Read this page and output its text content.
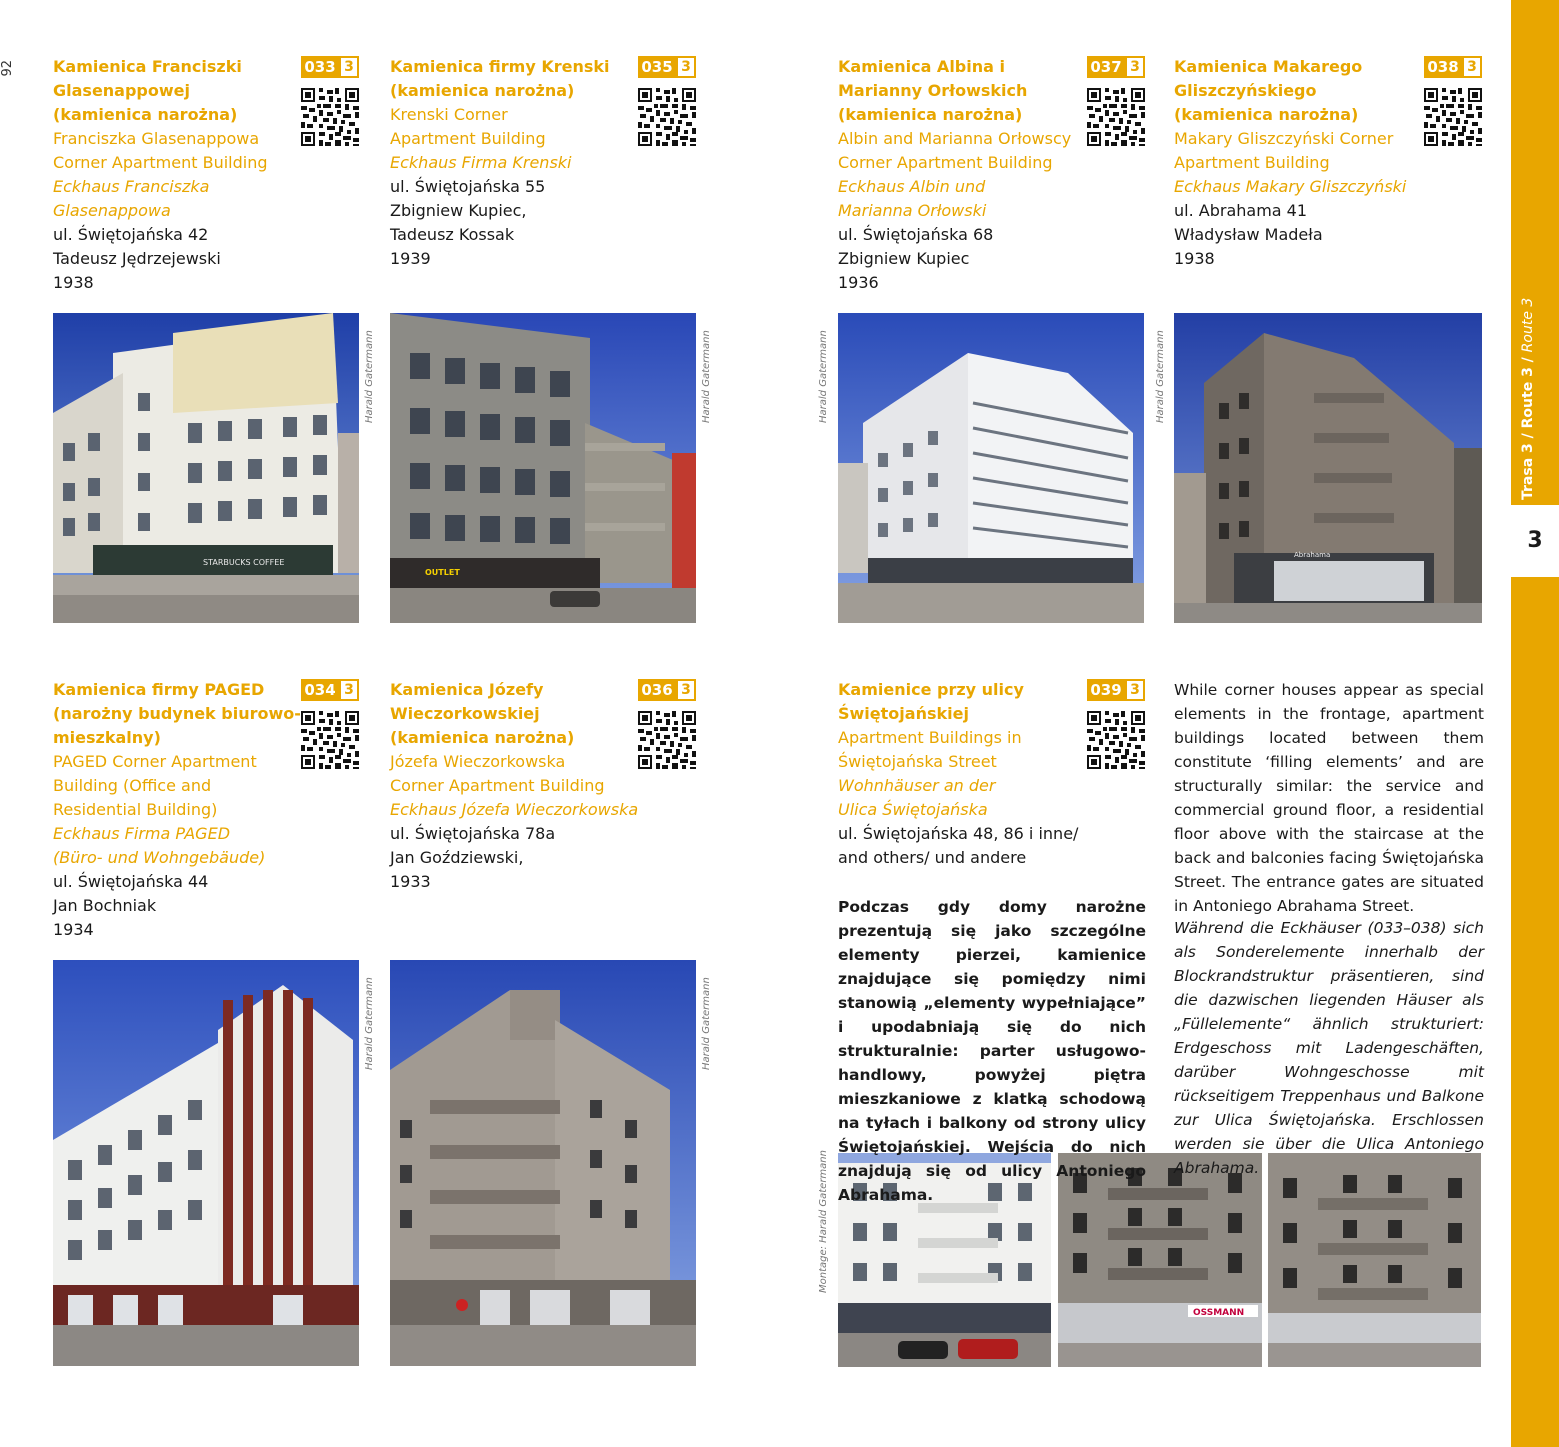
92
Trasa 3 / Route 3 / Route 3
3
Kamienica Franciszki
Glasenappowej
(kamienica narożna)
Franciszka Glasenappowa
Corner Apartment Building
Eckhaus Franciszka Glasenappowa
ul. Świętojańska 42
Tadeusz Jędrzejewski
1938
033 3	Kamienica firmy Krenski
(kamienica narożna)
Krenski Corner
Apartment Building
Eckhaus Firma Krenski
ul. Świętojańska 55
Zbigniew Kupiec,
Tadeusz Kossak
1939
035 3	Kamienica Albina i
Marianny Orłowskich
(kamienica narożna)
Albin and Marianna Orłowscy
Corner Apartment Building
Eckhaus Albin und
Marianna Orłowski
ul. Świętojańska 68
Zbigniew Kupiec
1936
037 3	Kamienica Makarego
Gliszczyńskiego
(kamienica narożna)
Makary Gliszczyński Corner
Apartment Building
Eckhaus Makary Gliszczyński
ul. Abrahama 41
Władysław Madeła
1938
038 3
Kamienica firmy PAGED
(narożny budynek biurowo-
mieszkalny)
PAGED Corner Apartment
Building (Office and
Residential Building)
Eckhaus Firma PAGED
(Büro- und Wohngebäude)
ul. Świętojańska 44
Jan Bochniak
1934
034 3	Kamienica Józefy
Wieczorkowskiej
(kamienica narożna)
Józefa Wieczorkowska
Corner Apartment Building
Eckhaus Józefa Wieczorkowska
ul. Świętojańska 78a
Jan Goździewski,
1933
036 3	Kamienice przy ulicy
Świętojańskiej
Apartment Buildings in
Świętojańska Street
Wohnhäuser an der
Ulica Świętojańska
ul. Świętojańska 48, 86 i inne/
and others/ und andere
039 3
STARBUCKS COFFEE
Harald Gatermann
OUTLET
Harald Gatermann	Harald Gatermann
Abrahama
Harald Gatermann
Harald Gatermann	Harald Gatermann
OSSMANN
Montage: Harald Gatermann
Podczas gdy domy narożne prezentują się jako szczególne elementy pierzei, kamienice znajdujące się pomiędzy nimi stanowią „elementy wypełniające” i upodabniają się do nich strukturalnie: parter usługowo-handlowy, powyżej piętra mieszkaniowe z klatką schodową na tyłach i balkony od strony ulicy Świętojańskiej. Wejścia do nich znajdują się od ulicy Antoniego Abrahama.
While corner houses appear as special elements in the frontage, apartment buildings located between them constitute ‘filling elements’ and are structurally similar: the service and commercial ground floor, a residential floor above with the staircase at the back and balconies facing Świętojańska Street. The entrance gates are situated in Antoniego Abrahama Street.
Während die Eckhäuser (033–038) sich als Sonderelemente innerhalb der Blockrandstruktur präsentieren, sind die dazwischen liegenden Häuser als „Füllelemente“ ähnlich strukturiert: Erdgeschoss mit Ladengeschäften, darüber Wohngeschosse mit rückseitigem Treppenhaus und Balkone zur Ulica Świętojańska. Erschlossen werden sie über die Ulica Antoniego Abrahama.
